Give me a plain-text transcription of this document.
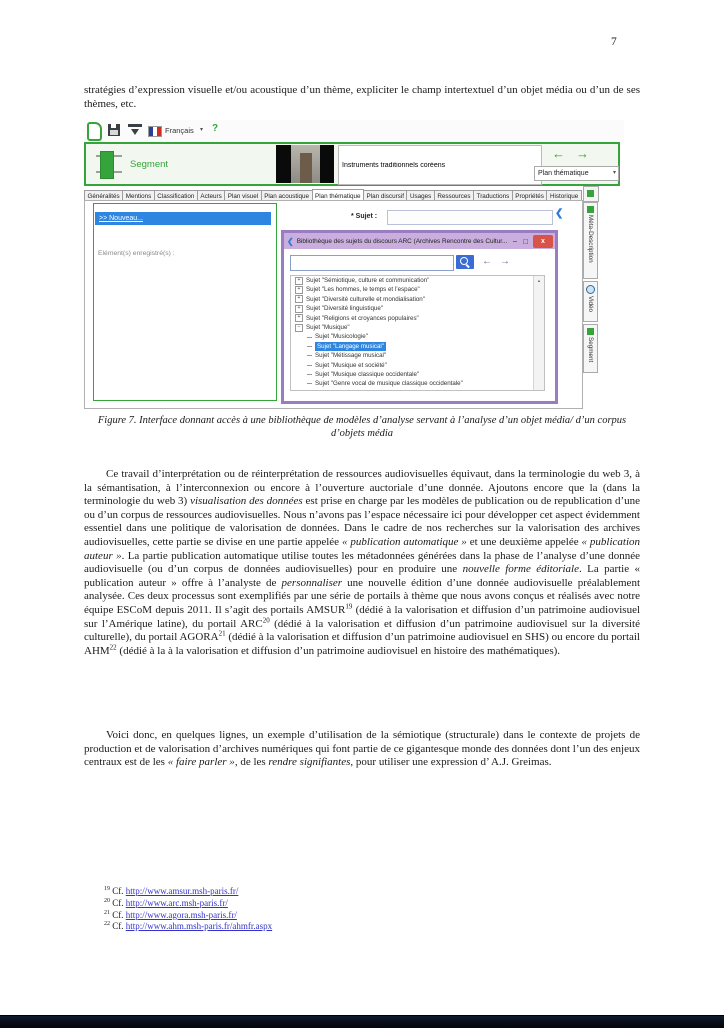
7

stratégies d’expression visuelle et/ou acoustique d’un thème, expliciter le champ intertextuel d’un objet média ou d’un de ses thèmes, etc.

Français ▾ ?
Segment
Instruments traditionnels coréens
← →
Plan thématique	▾
Généralités Mentions Classification Acteurs Plan visuel Plan acoustique Plan thématique Plan discursif Usages Ressources Traductions Propriétés Historique
>> Nouveau...
Elément(s) enregistré(s) :
* Sujet :	❮
❮ Bibliothèque des sujets du discours ARC (Archives Rencontre des Cultur... − □	x
← →
+ Sujet "Sémiotique, culture et communication"
+ Sujet "Les hommes, le temps et l’espace"
+ Sujet "Diversité culturelle et mondialisation"
+ Sujet "Diversité linguistique"
+ Sujet "Religions et croyances populaires"
− Sujet "Musique"
Sujet "Musicologie"
Sujet "Langage musical"
Sujet "Métissage musical"
Sujet "Musique et société"
Sujet "Musique classique occidentale"
Sujet "Genre vocal de musique classique occidentale"
▲
Méta-Description
Vidéo
Segment
Figure 7. Interface donnant accès à une bibliothèque de modèles d’analyse servant à l’analyse d’un objet média/ d’un corpus d’objets média

Ce travail d’interprétation ou de réinterprétation de ressources audiovisuelles équivaut, dans la terminologie du web 3, à la sémantisation, à l’interconnexion ou encore à l’ouverture auctoriale d’une donnée. Ajoutons encore que la (dans la terminologie du web 3) visualisation des données est prise en charge par les modèles de publication ou de republication d’une ou d’un corpus de ressources audiovisuelles. Nous n’avons pas l’espace nécessaire ici pour développer cet aspect évidemment essentiel dans une politique de valorisation de données. Dans le cadre de nos recherches sur la valorisation des archives audiovisuelles, cette partie se divise en une partie appelée « publication automatique » et une deuxième appelée « publication auteur ». La partie publication automatique utilise toutes les métadonnées générées dans la phase de l’analyse d’une donnée audiovisuelle (ou d’un corpus de données audiovisuelles) pour en produire une nouvelle forme éditoriale. La partie « publication auteur » offre à l’analyste de personnaliser une nouvelle édition d’une donnée audiovisuelle préalablement analysée. Ces deux processus sont exemplifiés par une série de portails à thème que nous avons conçus et réalisés avec notre équipe ESCoM depuis 2011. Il s’agit des portails AMSUR$^{19}$ (dédié à la valorisation et diffusion d’un patrimoine audiovisuel sur l’Amérique latine), du portail ARC$^{20}$ (dédié à la valorisation et diffusion d’un patrimoine audiovisuel sur la diversité culturelle), du portail AGORA$^{21}$ (dédié à la valorisation et diffusion d’un patrimoine audiovisuel en SHS) ou encore du portail AHM$^{22}$ (dédié à la à la valorisation et diffusion d’un patrimoine audiovisuel en histoire des mathématiques).

Voici donc, en quelques lignes, un exemple d’utilisation de la sémiotique (structurale) dans le contexte de projets de production et de valorisation d’archives numériques qui font partie de ce gigantesque monde des données dont l’un des enjeux centraux est de les « faire parler », de les rendre signifiantes, pour utiliser une expression d’ A.J. Greimas.

$^{19}$ Cf. http://www.amsur.msh-paris.fr/
$^{20}$ Cf. http://www.arc.msh-paris.fr/
$^{21}$ Cf. http://www.agora.msh-paris.fr/
$^{22}$ Cf. http://www.ahm.msh-paris.fr/ahmfr.aspx
